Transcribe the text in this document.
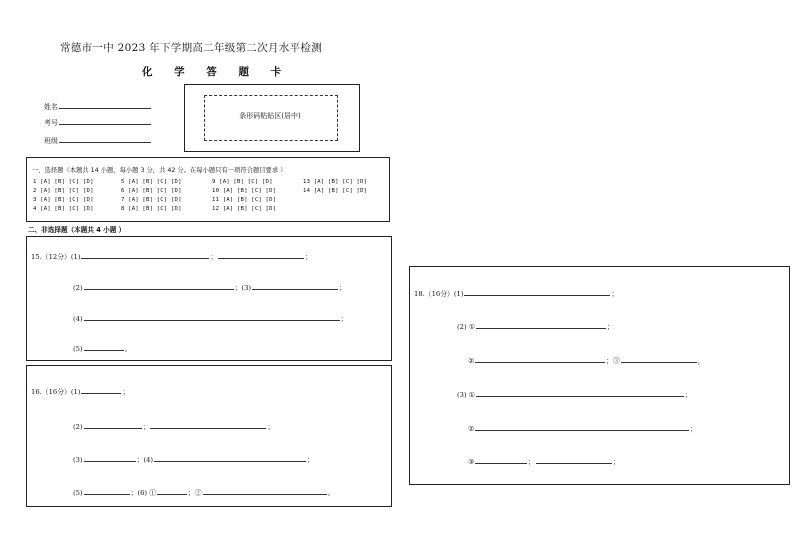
常德市一中 2023 年下学期高二年级第二次月水平检测
化 学 答 题 卡
姓名
考号
班级
条形码粘贴区(居中)
一、选择题（本题共 14 小题，每小题 3 分，共 42 分。在每小题只有一项符合题目要求 ）
1 [A] [B] [C] [D]
2 [A] [B] [C] [D]
3 [A] [B] [C] [D]
4 [A] [B] [C] [D]
5 [A] [B] [C] [D]
6 [A] [B] [C] [D]
7 [A] [B] [C] [D]
8 [A] [B] [C] [D]
9 [A] [B] [C] [D]
10 [A] [B] [C] [D]
11 [A] [B] [C] [D]
12 [A] [B] [C] [D]
13 [A] [B] [C] [D]
14 [A] [B] [C] [D]
二、非选择题（本题共 4 小题 ）
15.（12分）(1)	；	；
(2)	；(3)	；
(4)	；
(5)	。
16.（16分）(1)	；
(2)	；	；
(3)	；(4)	；
(5)	；(6) ①	；②	。
18.（16分）(1)	；
(2) ①	；
②	；③	，
(3) ①	；
②	；
③	；	；
